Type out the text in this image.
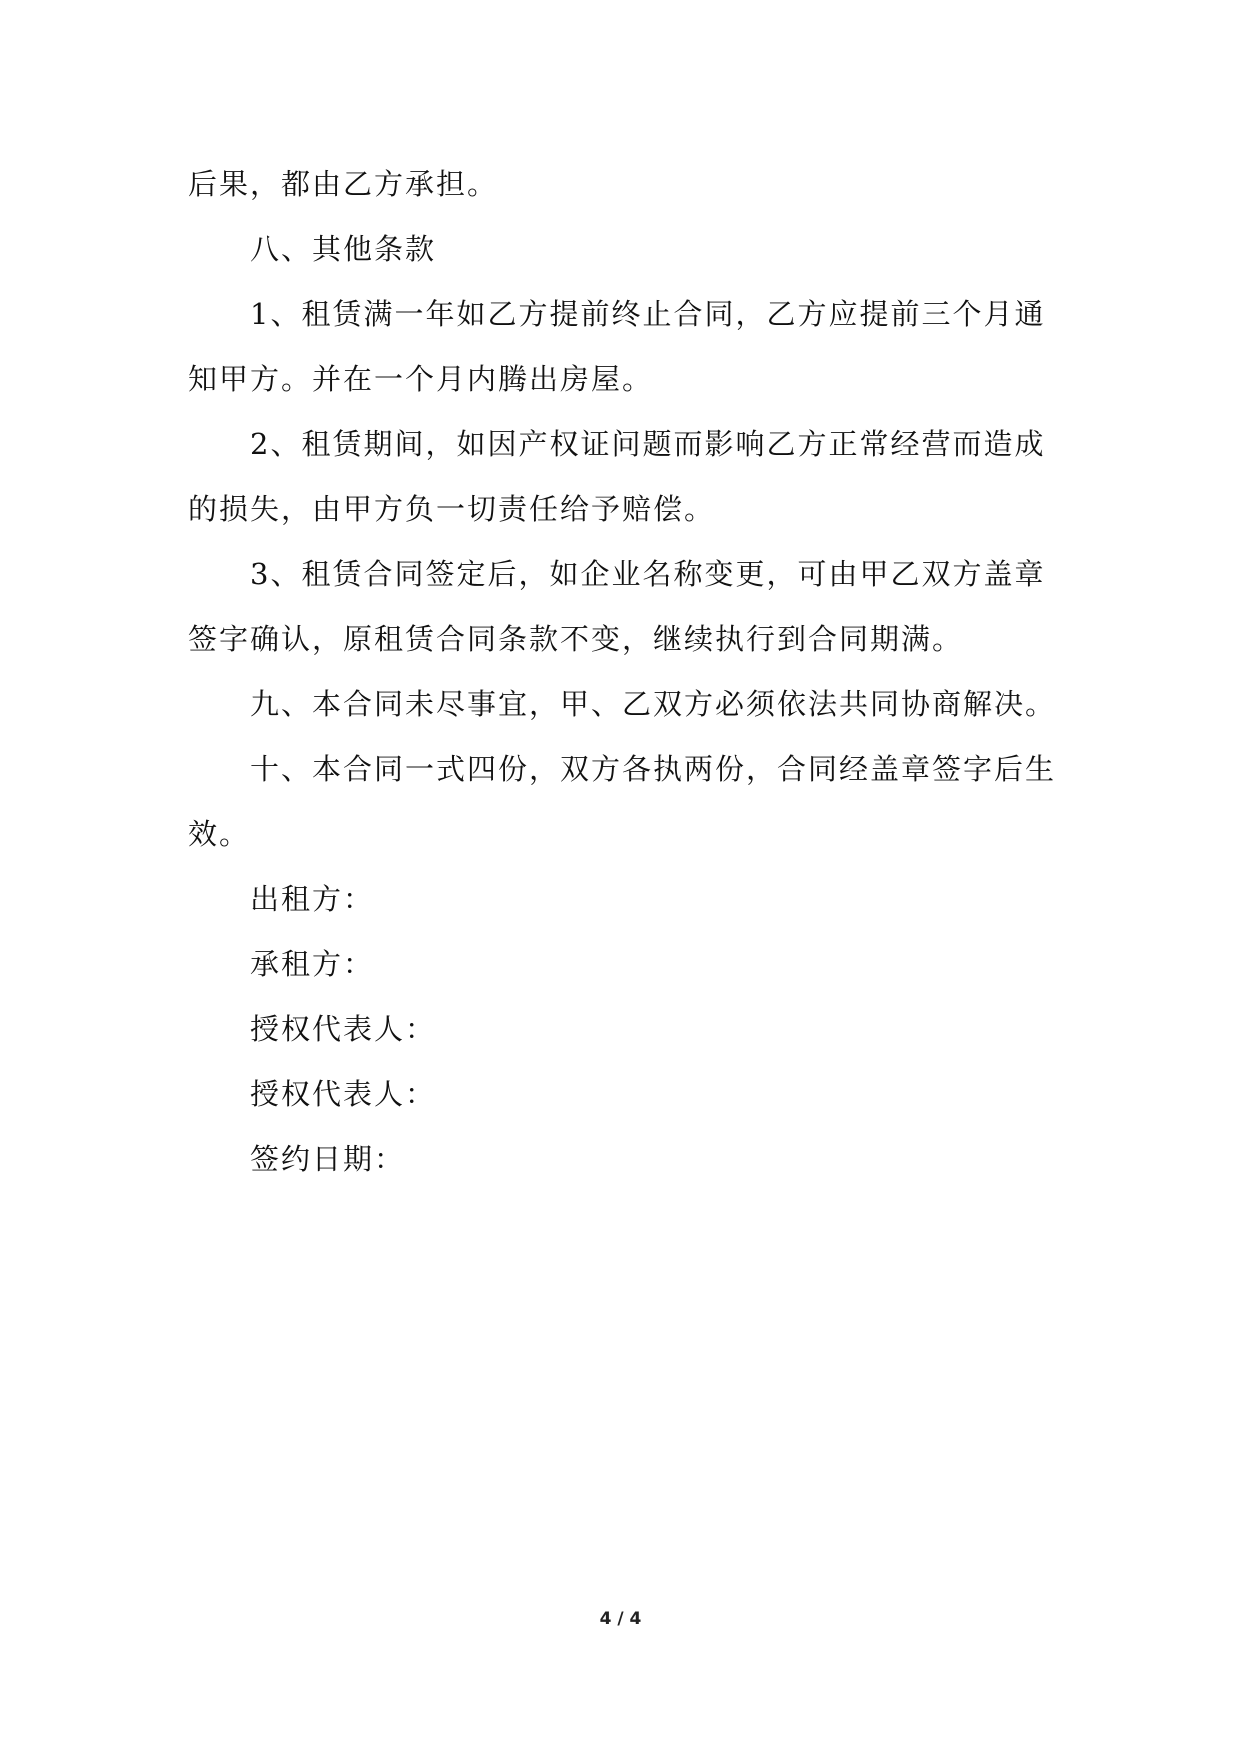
后果，都由乙方承担。
八、其他条款
1、租赁满一年如乙方提前终止合同，乙方应提前三个月通
知甲方。并在一个月内腾出房屋。
2、租赁期间，如因产权证问题而影响乙方正常经营而造成
的损失，由甲方负一切责任给予赔偿。
3、租赁合同签定后，如企业名称变更，可由甲乙双方盖章
签字确认，原租赁合同条款不变，继续执行到合同期满。
九、本合同未尽事宜，甲、乙双方必须依法共同协商解决。
十、本合同一式四份，双方各执两份，合同经盖章签字后生
效。
出租方：
承租方：
授权代表人：
授权代表人：
签约日期：
4 / 4
